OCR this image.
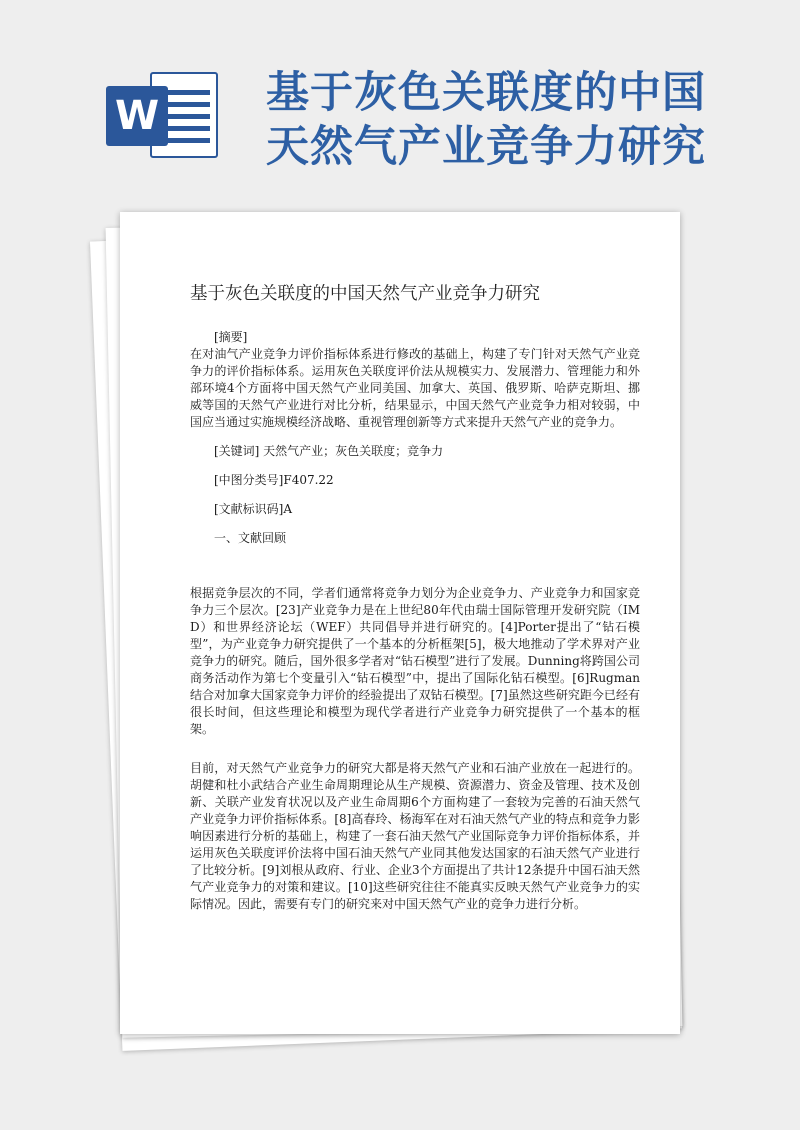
W 基于灰色关联度的中国
天然气产业竞争力研究
基于灰色关联度的中国天然气产业竞争力研究
[摘要]

在对油气产业竞争力评价指标体系进行修改的基础上，构建了专门针对天然气产业竞争力的评价指标体系。运用灰色关联度评价法从规模实力、发展潜力、管理能力和外部环境4个方面将中国天然气产业同美国、加拿大、英国、俄罗斯、哈萨克斯坦、挪威等国的天然气产业进行对比分析，结果显示，中国天然气产业竞争力相对较弱，中国应当通过实施规模经济战略、重视管理创新等方式来提升天然气产业的竞争力。

[关键词] 天然气产业；灰色关联度；竞争力

[中图分类号]F407.22

[文献标识码]A

一、文献回顾

根据竞争层次的不同，学者们通常将竞争力划分为企业竞争力、产业竞争力和国家竞争力三个层次。[23]产业竞争力是在上世纪80年代由瑞士国际管理开发研究院（IMD）和世界经济论坛（WEF）共同倡导并进行研究的。[4]Porter提出了“钻石模型”，为产业竞争力研究提供了一个基本的分析框架[5]，极大地推动了学术界对产业竞争力的研究。随后，国外很多学者对“钻石模型”进行了发展。Dunning将跨国公司商务活动作为第七个变量引入“钻石模型”中，提出了国际化钻石模型。[6]Rugman结合对加拿大国家竞争力评价的经验提出了双钻石模型。[7]虽然这些研究距今已经有很长时间，但这些理论和模型为现代学者进行产业竞争力研究提供了一个基本的框架。

目前，对天然气产业竞争力的研究大都是将天然气产业和石油产业放在一起进行的。胡健和杜小武结合产业生命周期理论从生产规模、资源潜力、资金及管理、技术及创新、关联产业发育状况以及产业生命周期6个方面构建了一套较为完善的石油天然气产业竞争力评价指标体系。[8]高春玲、杨海军在对石油天然气产业的特点和竞争力影响因素进行分析的基础上，构建了一套石油天然气产业国际竞争力评价指标体系，并运用灰色关联度评价法将中国石油天然气产业同其他发达国家的石油天然气产业进行了比较分析。[9]刘根从政府、行业、企业3个方面提出了共计12条提升中国石油天然气产业竞争力的对策和建议。[10]这些研究往往不能真实反映天然气产业竞争力的实际情况。因此，需要有专门的研究来对中国天然气产业的竞争力进行分析。
